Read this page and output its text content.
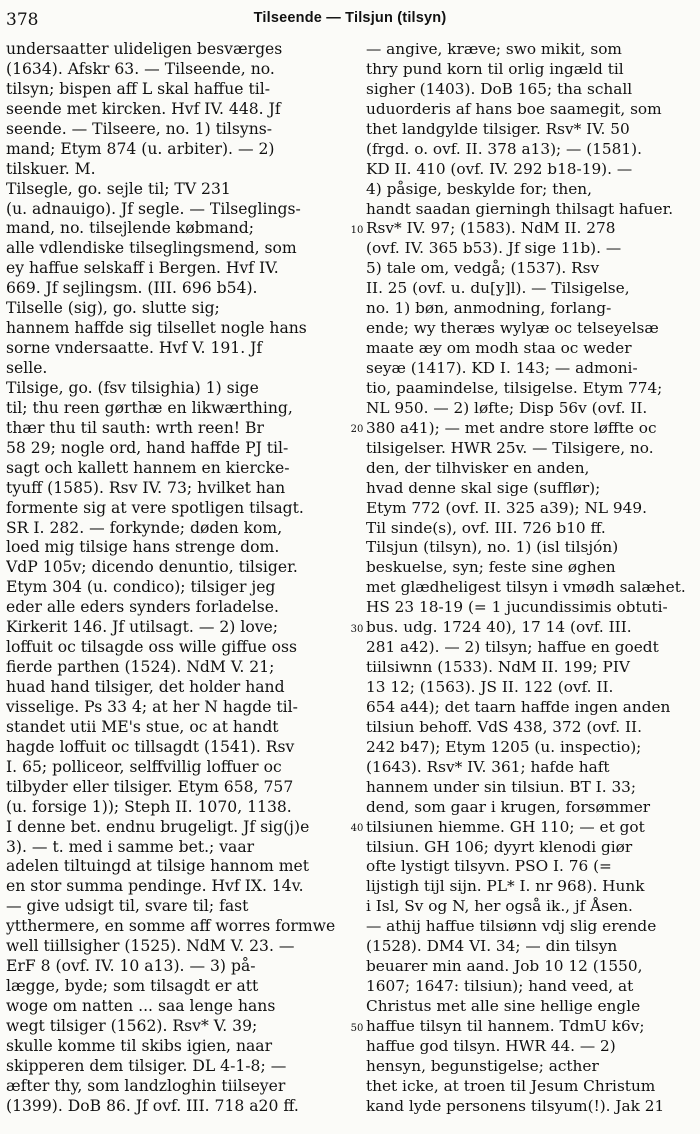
378	Tilseende — Tilsjun (tilsyn)
undersaatter ulideligen besværges
(1634). Afskr 63. — Tilseende, no.
tilsyn; bispen aff L skal haffue til-
seende met kircken. Hvf IV. 448. Jf
seende. — Tilseere, no. 1) tilsyns-
mand; Etym 874 (u. arbiter). — 2)
tilskuer. M.
Tilsegle, go. sejle til; TV 231
(u. adnauigo). Jf segle. — Tilseglings-
mand, no. tilsejlende købmand;
alle vdlendiske tilseglingsmend, som
ey haffue selskaff i Bergen. Hvf IV.
669. Jf sejlingsm. (III. 696 b54).
Tilselle (sig), go. slutte sig;
hannem haffde sig tilsellet nogle hans
sorne vndersaatte. Hvf V. 191. Jf
selle.
Tilsige, go. (fsv tilsighia) 1) sige
til; thu reen gørthæ en likwærthing,
thær thu til sauth: wrth reen! Br
58 29; nogle ord, hand haffde PJ til-
sagt och kallett hannem en kiercke-
tyuff (1585). Rsv IV. 73; hvilket han
formente sig at vere spotligen tilsagt.
SR I. 282. — forkynde; døden kom,
loed mig tilsige hans strenge dom.
VdP 105v; dicendo denuntio, tilsiger.
Etym 304 (u. condico); tilsiger jeg
eder alle eders synders forladelse.
Kirkerit 146. Jf utilsagt. — 2) love;
loffuit oc tilsagde oss wille giffue oss
fierde parthen (1524). NdM V. 21;
huad hand tilsiger, det holder hand
visselige. Ps 33 4; at her N hagde til-
standet utii ME's stue, oc at handt
hagde loffuit oc tillsagdt (1541). Rsv
I. 65; polliceor, selffvillig loffuer oc
tilbyder eller tilsiger. Etym 658, 757
(u. forsige 1)); Steph II. 1070, 1138.
I denne bet. endnu brugeligt. Jf sig(j)e
3). — t. med i samme bet.; vaar
adelen tiltuingd at tilsige hannom met
en stor summa pendinge. Hvf IX. 14v.
— give udsigt til, svare til; fast
ytthermere, en somme aff worres formwe
well tiillsigher (1525). NdM V. 23. —
ErF 8 (ovf. IV. 10 a13). — 3) på-
lægge, byde; som tilsagdt er att
woge om natten ... saa lenge hans
wegt tilsiger (1562). Rsv* V. 39;
skulle komme til skibs igien, naar
skipperen dem tilsiger. DL 4-1-8; —
æfter thy, som landzloghin tiilseyer
(1399). DoB 86. Jf ovf. III. 718 a20 ff.
10
20
30
40
50
— angive, kræve; swo mikit, som
thry pund korn til orlig ingæld til
sigher (1403). DoB 165; tha schall
uduorderis af hans boe saamegit, som
thet landgylde tilsiger. Rsv* IV. 50
(frgd. o. ovf. II. 378 a13); — (1581).
KD II. 410 (ovf. IV. 292 b18-19). —
4) påsige, beskylde for; then,
handt saadan gierningh thilsagt hafuer.
Rsv* IV. 97; (1583). NdM II. 278
(ovf. IV. 365 b53). Jf sige 11b). —
5) tale om, vedgå; (1537). Rsv
II. 25 (ovf. u. du[y]l). — Tilsigelse,
no. 1) bøn, anmodning, forlang-
ende; wy theræs wylyæ oc telseyelsæ
maate æy om modh staa oc weder
seyæ (1417). KD I. 143; — admoni-
tio, paamindelse, tilsigelse. Etym 774;
NL 950. — 2) løfte; Disp 56v (ovf. II.
380 a41); — met andre store løffte oc
tilsigelser. HWR 25v. — Tilsigere, no.
den, der tilhvisker en anden,
hvad denne skal sige (sufflør);
Etym 772 (ovf. II. 325 a39); NL 949.
Til sinde(s), ovf. III. 726 b10 ff.
Tilsjun (tilsyn), no. 1) (isl tilsjón)
beskuelse, syn; feste sine øghen
met glædheligest tilsyn i vmødh salæhet.
HS 23 18-19 (= 1 jucundissimis obtuti-
bus. udg. 1724 40), 17 14 (ovf. III.
281 a42). — 2) tilsyn; haffue en goedt
tiilsiwnn (1533). NdM II. 199; PIV
13 12; (1563). JS II. 122 (ovf. II.
654 a44); det taarn haffde ingen anden
tilsiun behoff. VdS 438, 372 (ovf. II.
242 b47); Etym 1205 (u. inspectio);
(1643). Rsv* IV. 361; hafde haft
hannem under sin tilsiun. BT I. 33;
dend, som gaar i krugen, forsømmer
tilsiunen hiemme. GH 110; — et got
tilsiun. GH 106; dyyrt klenodi giør
ofte lystigt tilsyvn. PSO I. 76 (=
lijstigh tijl sijn. PL* I. nr 968). Hunk
i Isl, Sv og N, her også ik., jf Åsen.
— athij haffue tilsiønn vdj slig erende
(1528). DM4 VI. 34; — din tilsyn
beuarer min aand. Job 10 12 (1550,
1607; 1647: tilsiun); hand veed, at
Christus met alle sine hellige engle
haffue tilsyn til hannem. TdmU k6v;
haffue god tilsyn. HWR 44. — 2)
hensyn, begunstigelse; acther
thet icke, at troen til Jesum Christum
kand lyde personens tilsyum(!). Jak 21
